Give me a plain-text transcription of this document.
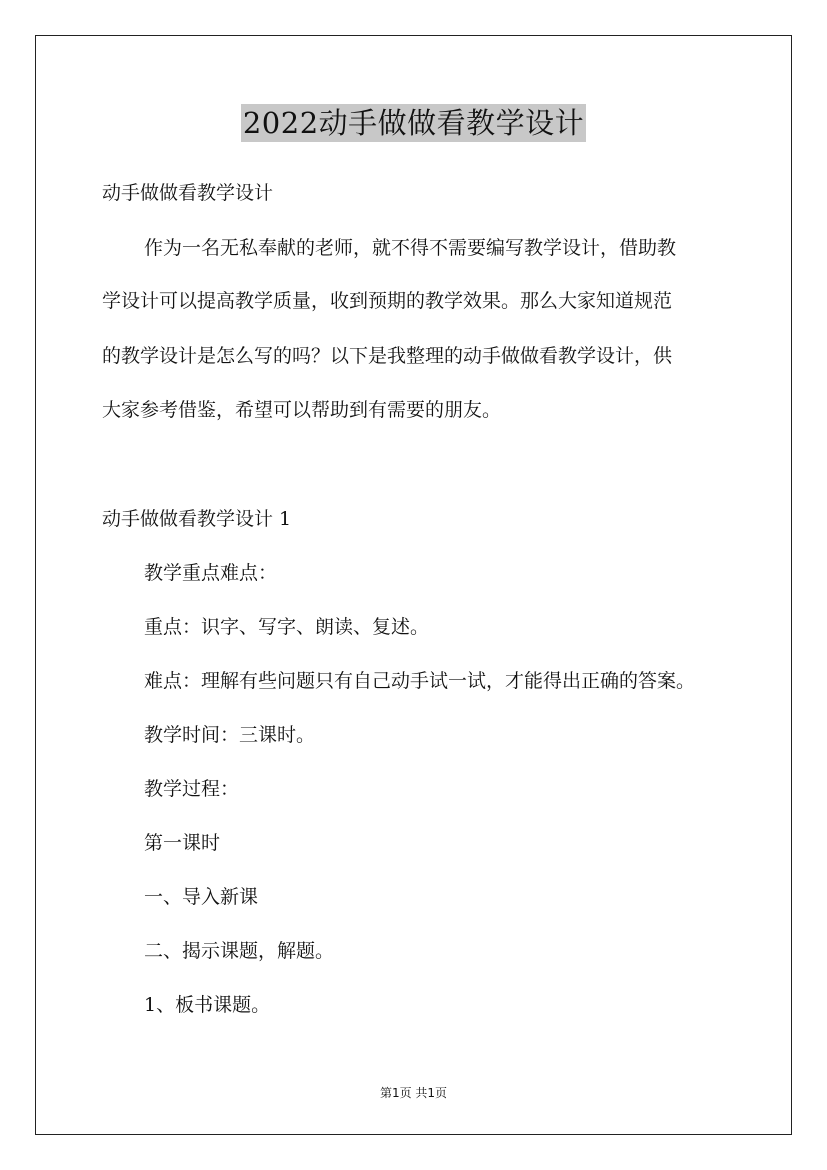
2022动手做做看教学设计
动手做做看教学设计
作为一名无私奉献的老师，就不得不需要编写教学设计，借助教
学设计可以提高教学质量，收到预期的教学效果。那么大家知道规范
的教学设计是怎么写的吗？以下是我整理的动手做做看教学设计，供
大家参考借鉴，希望可以帮助到有需要的朋友。
动手做做看教学设计 1
教学重点难点：
重点：识字、写字、朗读、复述。
难点：理解有些问题只有自己动手试一试，才能得出正确的答案。
教学时间：三课时。
教学过程：
第一课时
一、导入新课
二、揭示课题，解题。
1、板书课题。
第1页 共1页
